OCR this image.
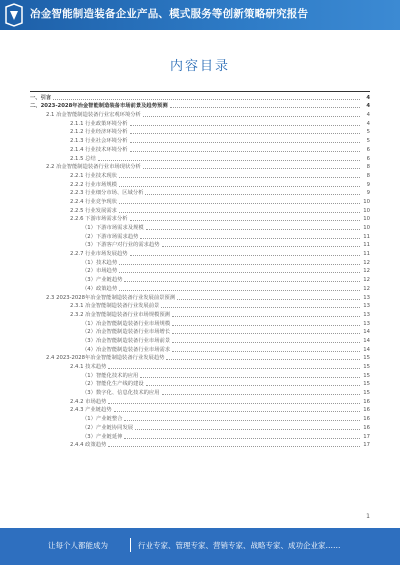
冶金智能制造装备企业产品、模式服务等创新策略研究报告
内容目录
一、引言	4
二、2023-2028年冶金智能制造装备市场前景及趋势预测	4
2.1 冶金智能制造装备行业宏观环境分析	4
2.1.1 行业政策环境分析	4
2.1.2 行业经济环境分析	5
2.1.3 行业社会环境分析	5
2.1.4 行业技术环境分析	6
2.1.5 总结	6
2.2 冶金智能制造装备行业市场现状分析	8
2.2.1 行业技术现状	8
2.2.2 行业市场规模	9
2.2.3 行业细分市场、区域分析	9
2.2.4 行业竞争现状	10
2.2.5 行业发展需求	10
2.2.6 下游市场需求分析	10
（1）下游市场需求及规模	10
（2）下游市场需求趋势	11
（3）下游客户对行业的需求趋势	11
2.2.7 行业市场发展趋势	11
（1）技术趋势	12
（2）市场趋势	12
（3）产业链趋势	12
（4）政策趋势	12
2.3 2023-2028年冶金智能制造装备行业发展前景预测	13
2.3.1 冶金智能制造装备行业发展前景	13
2.3.2 冶金智能制造装备行业市场规模预测	13
（1）冶金智能制造装备行业市场规模	13
（2）冶金智能制造装备行业市场增长	14
（3）冶金智能制造装备行业市场前景	14
（4）冶金智能制造装备行业市场需求	14
2.4 2023-2028年冶金智能制造装备行业发展趋势	15
2.4.1 技术趋势	15
（1）智能化技术的应用	15
（2）智能化生产线的建设	15
（3）数字化、信息化技术的应用	15
2.4.2 市场趋势	16
2.4.3 产业链趋势	16
（1）产业链整合	16
（2）产业链协同发展	16
（3）产业链延伸	17
2.4.4 政策趋势	17
1
让每个人都能成为	行业专家、管理专家、营销专家、战略专家、成功企业家……
